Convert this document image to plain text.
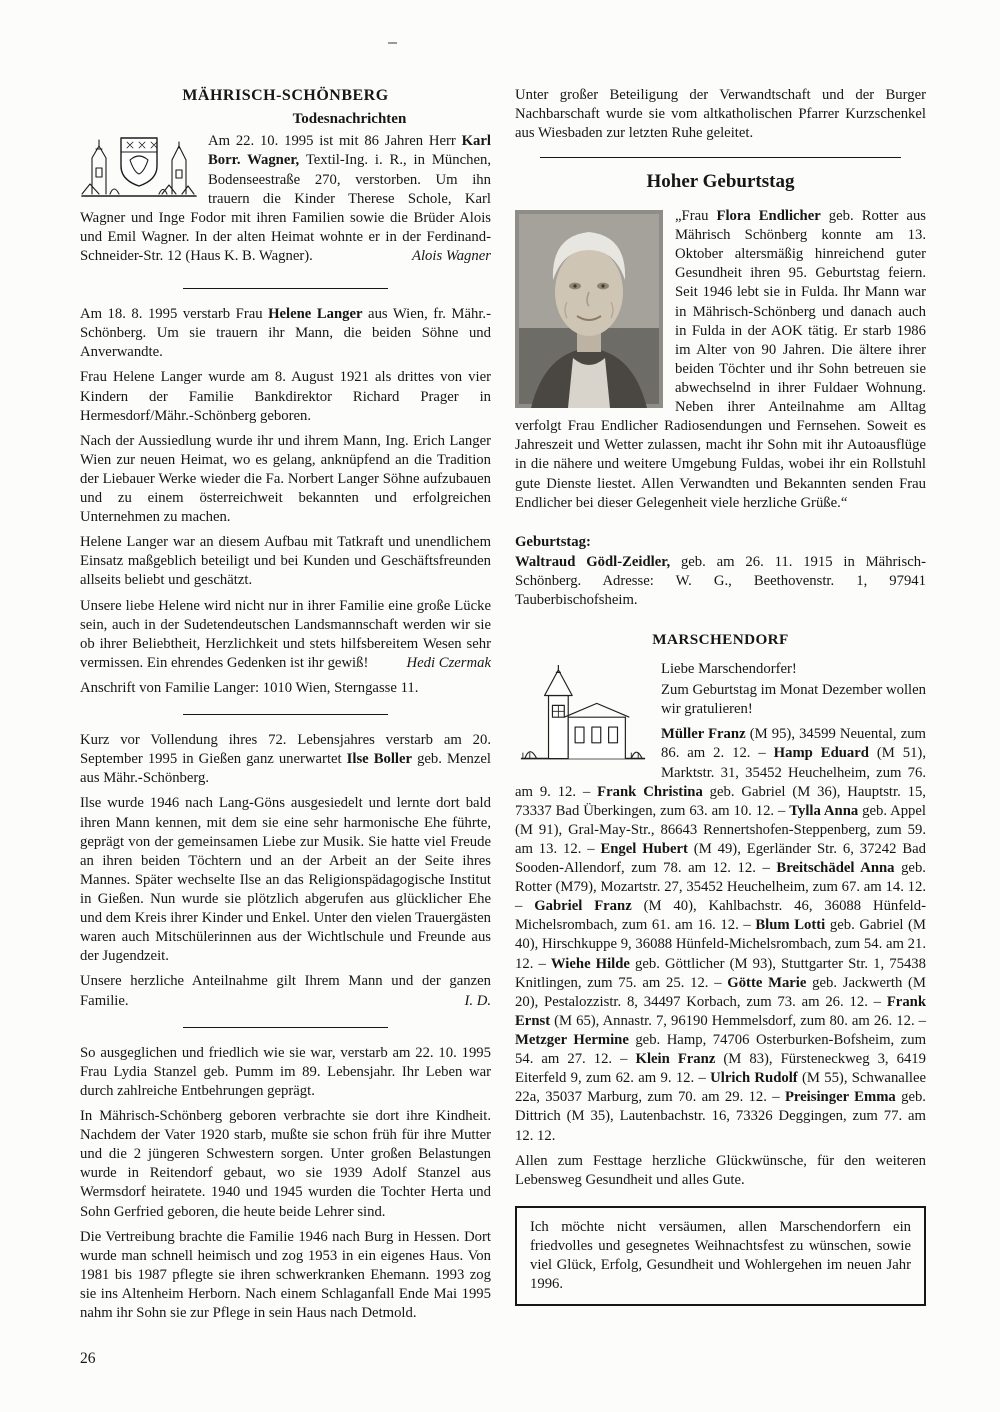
MÄHRISCH-SCHÖNBERG
Todesnachrichten

Am 22. 10. 1995 ist mit 86 Jahren Herr Karl Borr. Wagner, Textil-Ing. i. R., in München, Bodenseestraße 270, verstorben. Um ihn trauern die Kinder Therese Schole, Karl Wagner und Inge Fodor mit ihren Familien sowie die Brüder Alois und Emil Wagner. In der alten Heimat wohnte er in der Ferdinand-Schneider-Str. 12 (Haus K. B. Wagner).	Alois Wagner

Am 18. 8. 1995 verstarb Frau Helene Langer aus Wien, fr. Mähr.-Schönberg. Um sie trauern ihr Mann, die beiden Söhne und Anverwandte.

Frau Helene Langer wurde am 8. August 1921 als drittes von vier Kindern der Familie Bankdirektor Richard Prager in Hermesdorf/Mähr.-Schönberg geboren.

Nach der Aussiedlung wurde ihr und ihrem Mann, Ing. Erich Langer Wien zur neuen Heimat, wo es gelang, anknüpfend an die Tradition der Liebauer Werke wieder die Fa. Norbert Langer Söhne aufzubauen und zu einem österreichweit bekannten und erfolgreichen Unternehmen zu machen.

Helene Langer war an diesem Aufbau mit Tatkraft und unendlichem Einsatz maßgeblich beteiligt und bei Kunden und Geschäftsfreunden allseits beliebt und geschätzt.

Unsere liebe Helene wird nicht nur in ihrer Familie eine große Lücke sein, auch in der Sudetendeutschen Landsmannschaft werden wir sie ob ihrer Beliebtheit, Herzlichkeit und stets hilfsbereitem Wesen sehr vermissen. Ein ehrendes Gedenken ist ihr gewiß!	Hedi Czermak

Anschrift von Familie Langer: 1010 Wien, Sterngasse 11.

Kurz vor Vollendung ihres 72. Lebensjahres verstarb am 20. September 1995 in Gießen ganz unerwartet Ilse Boller geb. Menzel aus Mähr.-Schönberg.

Ilse wurde 1946 nach Lang-Göns ausgesiedelt und lernte dort bald ihren Mann kennen, mit dem sie eine sehr harmonische Ehe führte, geprägt von der gemeinsamen Liebe zur Musik. Sie hatte viel Freude an ihren beiden Töchtern und an der Arbeit an der Seite ihres Mannes. Später wechselte Ilse an das Religionspädagogische Institut in Gießen. Nun wurde sie plötzlich abgerufen aus glücklicher Ehe und dem Kreis ihrer Kinder und Enkel. Unter den vielen Trauergästen waren auch Mitschülerinnen aus der Wichtlschule und Freunde aus der Jugendzeit.

Unsere herzliche Anteilnahme gilt Ihrem Mann und der ganzen Familie.	I. D.

So ausgeglichen und friedlich wie sie war, verstarb am 22. 10. 1995 Frau Lydia Stanzel geb. Pumm im 89. Lebensjahr. Ihr Leben war durch zahlreiche Entbehrungen geprägt.

In Mährisch-Schönberg geboren verbrachte sie dort ihre Kindheit. Nachdem der Vater 1920 starb, mußte sie schon früh für ihre Mutter und die 2 jüngeren Schwestern sorgen. Unter großen Belastungen wurde in Reitendorf gebaut, wo sie 1939 Adolf Stanzel aus Wermsdorf heiratete. 1940 und 1945 wurden die Tochter Herta und Sohn Gerfried geboren, die heute beide Lehrer sind.

Die Vertreibung brachte die Familie 1946 nach Burg in Hessen. Dort wurde man schnell heimisch und zog 1953 in ein eigenes Haus. Von 1981 bis 1987 pflegte sie ihren schwerkranken Ehemann. 1993 zog sie ins Altenheim Herborn. Nach einem Schlaganfall Ende Mai 1995 nahm ihr Sohn sie zur Pflege in sein Haus nach Detmold.

Unter großer Beteiligung der Verwandtschaft und der Burger Nachbarschaft wurde sie vom altkatholischen Pfarrer Kurzschenkel aus Wiesbaden zur letzten Ruhe geleitet.

Hoher Geburtstag

„Frau Flora Endlicher geb. Rotter aus Mährisch Schönberg konnte am 13. Oktober altersmäßig hinreichend guter Gesundheit ihren 95. Geburtstag feiern. Seit 1946 lebt sie in Fulda. Ihr Mann war in Mährisch-Schönberg und danach auch in Fulda in der AOK tätig. Er starb 1986 im Alter von 90 Jahren. Die ältere ihrer beiden Töchter und ihr Sohn betreuen sie abwechselnd in ihrer Fuldaer Wohnung. Neben ihrer Anteilnahme am Alltag verfolgt Frau Endlicher Radiosendungen und Fernsehen. Soweit es Jahreszeit und Wetter zulassen, macht ihr Sohn mit ihr Autoausflüge in die nähere und weitere Umgebung Fuldas, wobei ihr ein Rollstuhl gute Dienste liestet. Allen Verwandten und Bekannten senden Frau Endlicher bei dieser Gelegenheit viele herzliche Grüße.“

Geburtstag:

Waltraud Gödl-Zeidler, geb. am 26. 11. 1915 in Mährisch-Schönberg. Adresse: W. G., Beethovenstr. 1, 97941 Tauberbischofsheim.

MARSCHENDORF

Liebe Marschendorfer!

Zum Geburtstag im Monat Dezember wollen wir gratulieren!

Müller Franz (M 95), 34599 Neuental, zum 86. am 2. 12. – Hamp Eduard (M 51), Marktstr. 31, 35452 Heuchelheim, zum 76. am 9. 12. – Frank Christina geb. Gabriel (M 36), Hauptstr. 15, 73337 Bad Überkingen, zum 63. am 10. 12. – Tylla Anna geb. Appel (M 91), Gral-May-Str., 86643 Rennertshofen-Steppenberg, zum 59. am 13. 12. – Engel Hubert (M 49), Egerländer Str. 6, 37242 Bad Sooden-Allendorf, zum 78. am 12. 12. – Breitschädel Anna geb. Rotter (M79), Mozartstr. 27, 35452 Heuchelheim, zum 67. am 14. 12. – Gabriel Franz (M 40), Kahlbachstr. 46, 36088 Hünfeld-Michelsrombach, zum 61. am 16. 12. – Blum Lotti geb. Gabriel (M 40), Hirschkuppe 9, 36088 Hünfeld-Michelsrombach, zum 54. am 21. 12. – Wiehe Hilde geb. Göttlicher (M 93), Stuttgarter Str. 1, 75438 Knitlingen, zum 75. am 25. 12. – Götte Marie geb. Jackwerth (M 20), Pestalozzistr. 8, 34497 Korbach, zum 73. am 26. 12. – Frank Ernst (M 65), Annastr. 7, 96190 Hemmelsdorf, zum 80. am 26. 12. – Metzger Hermine geb. Hamp, 74706 Osterburken-Bofsheim, zum 54. am 27. 12. – Klein Franz (M 83), Fürsteneckweg 3, 6419 Eiterfeld 9, zum 62. am 9. 12. – Ulrich Rudolf (M 55), Schwanallee 22a, 35037 Marburg, zum 70. am 29. 12. – Preisinger Emma geb. Dittrich (M 35), Lautenbachstr. 16, 73326 Deggingen, zum 77. am 12. 12.

Allen zum Festtage herzliche Glückwünsche, für den weiteren Lebensweg Gesundheit und alles Gute.

Ich möchte nicht versäumen, allen Marschendorfern ein friedvolles und gesegnetes Weihnachtsfest zu wünschen, sowie viel Glück, Erfolg, Gesundheit und Wohlergehen im neuen Jahr 1996.

26
